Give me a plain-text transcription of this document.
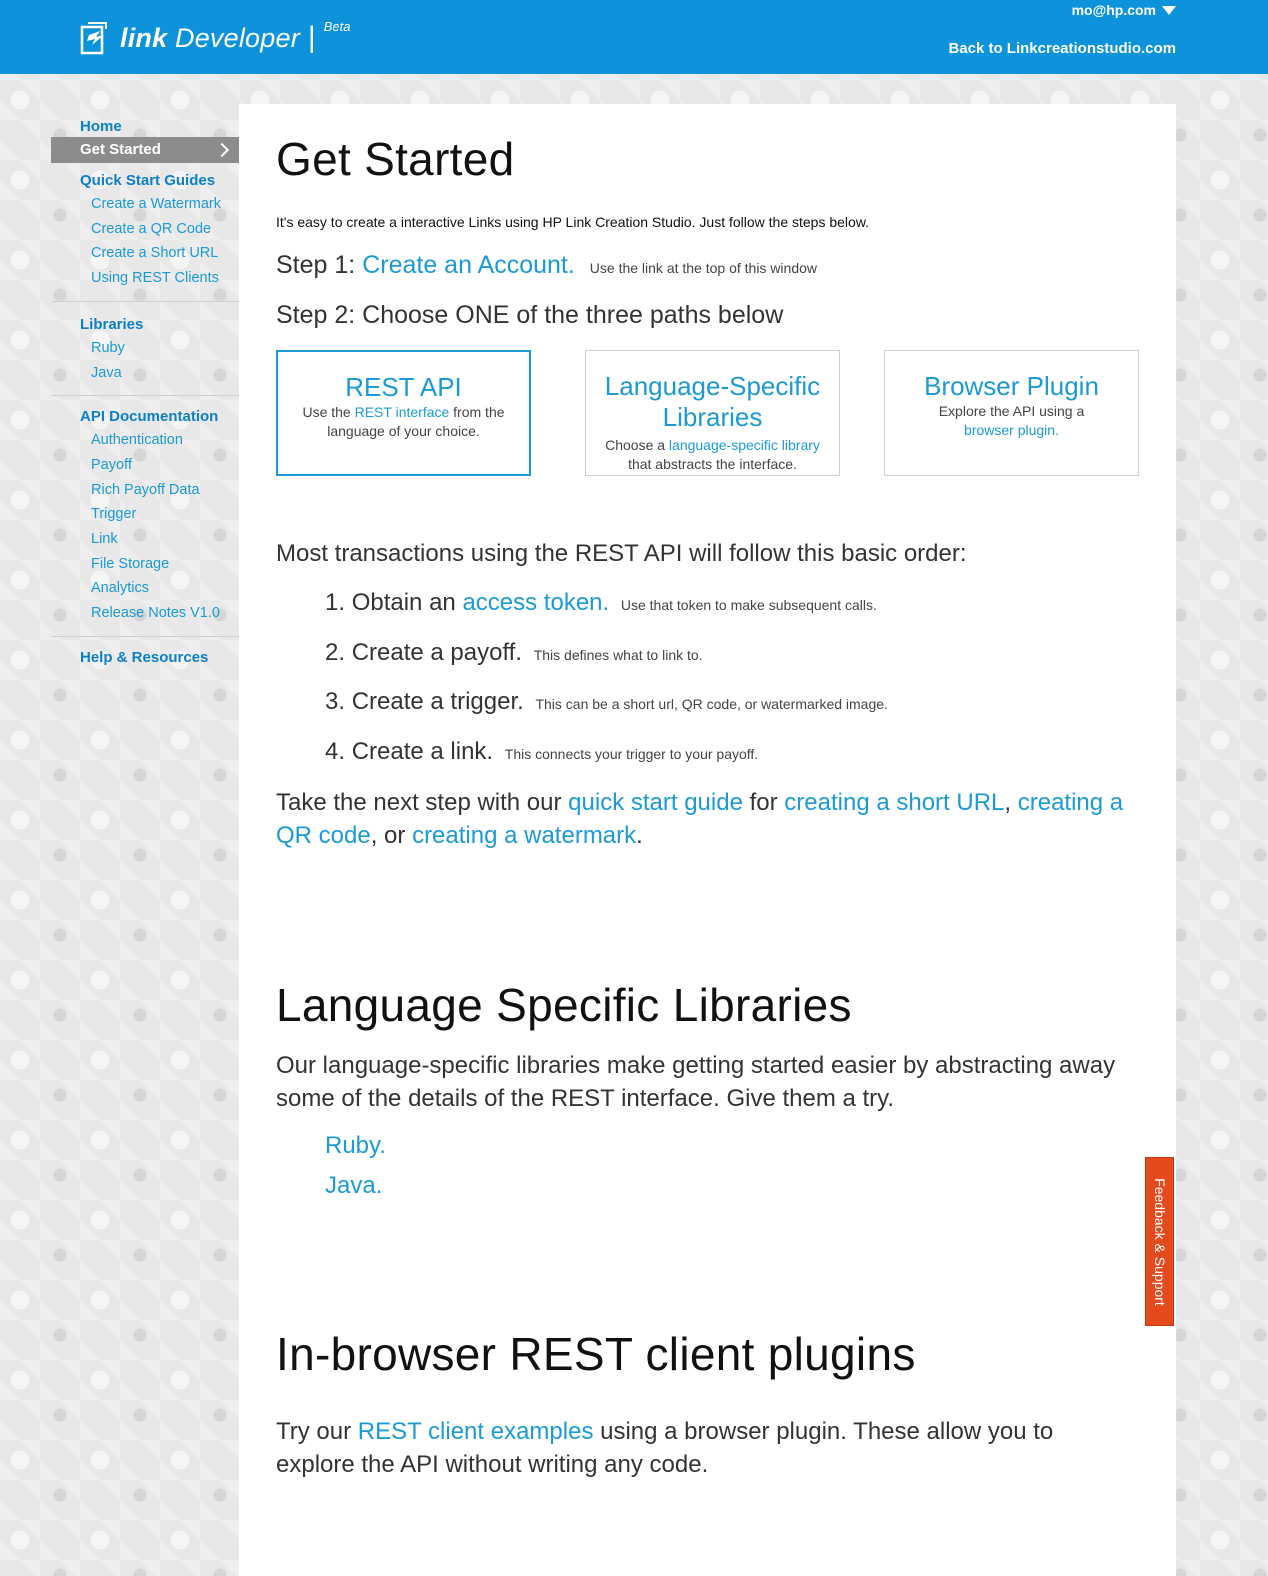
link Developer | Beta
mo@hp.com
Back to Linkcreationstudio.com
Home
Get Started
Quick Start Guides
Create a Watermark
Create a QR Code
Create a Short URL
Using REST Clients
Libraries
Ruby
Java
API Documentation
Authentication
Payoff
Rich Payoff Data
Trigger
Link
File Storage
Analytics
Release Notes V1.0
Help & Resources
Get Started
It's easy to create a interactive Links using HP Link Creation Studio. Just follow the steps below.
Step 1: Create an Account. Use the link at the top of this window
Step 2: Choose ONE of the three paths below
REST API
Use the REST interface from the language of your choice.
Language-Specific Libraries
Choose a language-specific library that abstracts the interface.
Browser Plugin
Explore the API using a browser plugin.
Most transactions using the REST API will follow this basic order:
1. Obtain an access token. Use that token to make subsequent calls.
2. Create a payoff. This defines what to link to.
3. Create a trigger. This can be a short url, QR code, or watermarked image.
4. Create a link. This connects your trigger to your payoff.
Take the next step with our quick start guide for creating a short URL, creating a QR code, or creating a watermark.
Language Specific Libraries
Our language-specific libraries make getting started easier by abstracting away some of the details of the REST interface. Give them a try.
Ruby.
Java.
In-browser REST client plugins
Try our REST client examples using a browser plugin. These allow you to explore the API without writing any code.
Feedback & Support
